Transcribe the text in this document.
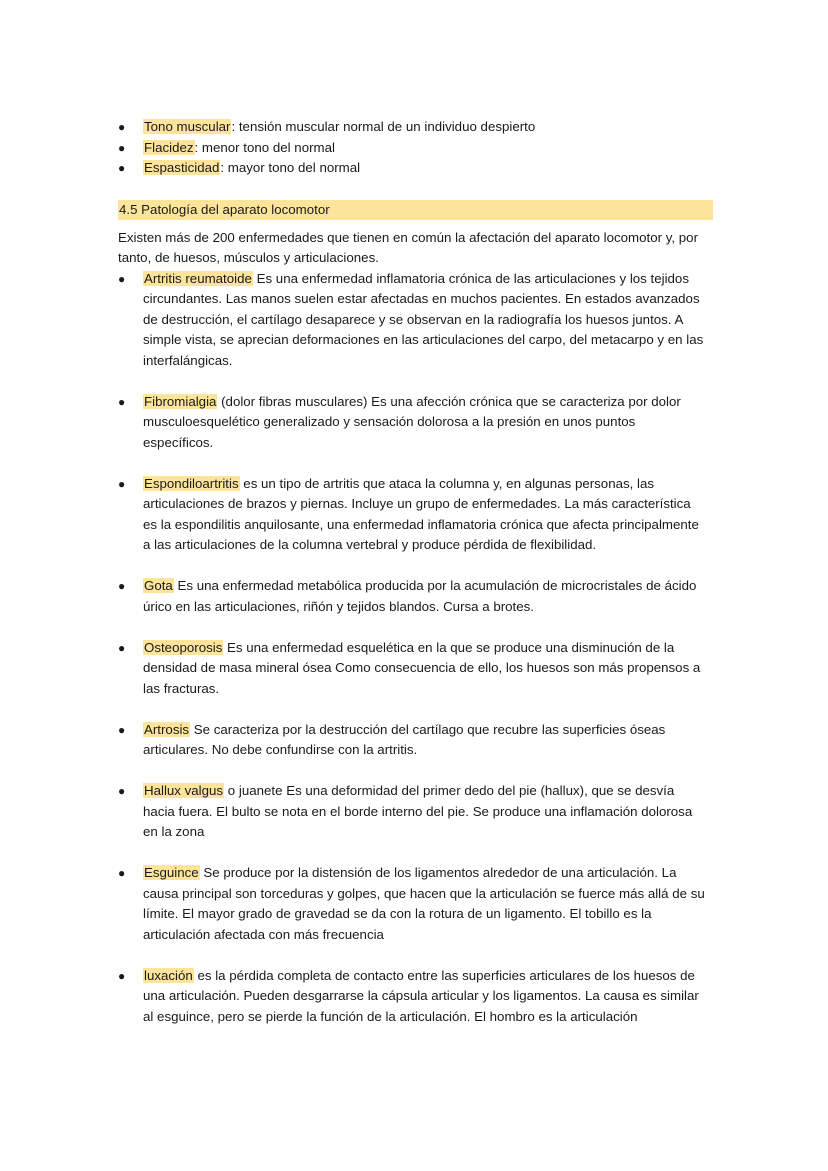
● Tono muscular: tensión muscular normal de un individuo despierto
● Flacidez: menor tono del normal
● Espasticidad: mayor tono del normal
4.5 Patología del aparato locomotor

Existen más de 200 enfermedades que tienen en común la afectación del aparato locomotor y, por tanto, de huesos, músculos y articulaciones.

● Artritis reumatoide Es una enfermedad inflamatoria crónica de las articulaciones y los tejidos circundantes. Las manos suelen estar afectadas en muchos pacientes. En estados avanzados de destrucción, el cartílago desaparece y se observan en la radiografía los huesos juntos. A simple vista, se aprecian deformaciones en las articulaciones del carpo, del metacarpo y en las interfalángicas.
● Fibromialgia (dolor fibras musculares) Es una afección crónica que se caracteriza por dolor musculoesquelético generalizado y sensación dolorosa a la presión en unos puntos específicos.
● Espondiloartritis es un tipo de artritis que ataca la columna y, en algunas personas, las articulaciones de brazos y piernas. Incluye un grupo de enfermedades. La más característica es la espondilitis anquilosante, una enfermedad inflamatoria crónica que afecta principalmente a las articulaciones de la columna vertebral y produce pérdida de flexibilidad.
● Gota Es una enfermedad metabólica producida por la acumulación de microcristales de ácido úrico en las articulaciones, riñón y tejidos blandos. Cursa a brotes.
● Osteoporosis Es una enfermedad esquelética en la que se produce una disminución de la densidad de masa mineral ósea Como consecuencia de ello, los huesos son más propensos a las fracturas.
● Artrosis Se caracteriza por la destrucción del cartílago que recubre las superficies óseas articulares. No debe confundirse con la artritis.
● Hallux valgus o juanete Es una deformidad del primer dedo del pie (hallux), que se desvía hacia fuera. El bulto se nota en el borde interno del pie. Se produce una inflamación dolorosa en la zona
● Esguince Se produce por la distensión de los ligamentos alrededor de una articulación. La causa principal son torceduras y golpes, que hacen que la articulación se fuerce más allá de su límite. El mayor grado de gravedad se da con la rotura de un ligamento. El tobillo es la articulación afectada con más frecuencia
● luxación es la pérdida completa de contacto entre las superficies articulares de los huesos de una articulación. Pueden desgarrarse la cápsula articular y los ligamentos. La causa es similar al esguince, pero se pierde la función de la articulación. El hombro es la articulación
